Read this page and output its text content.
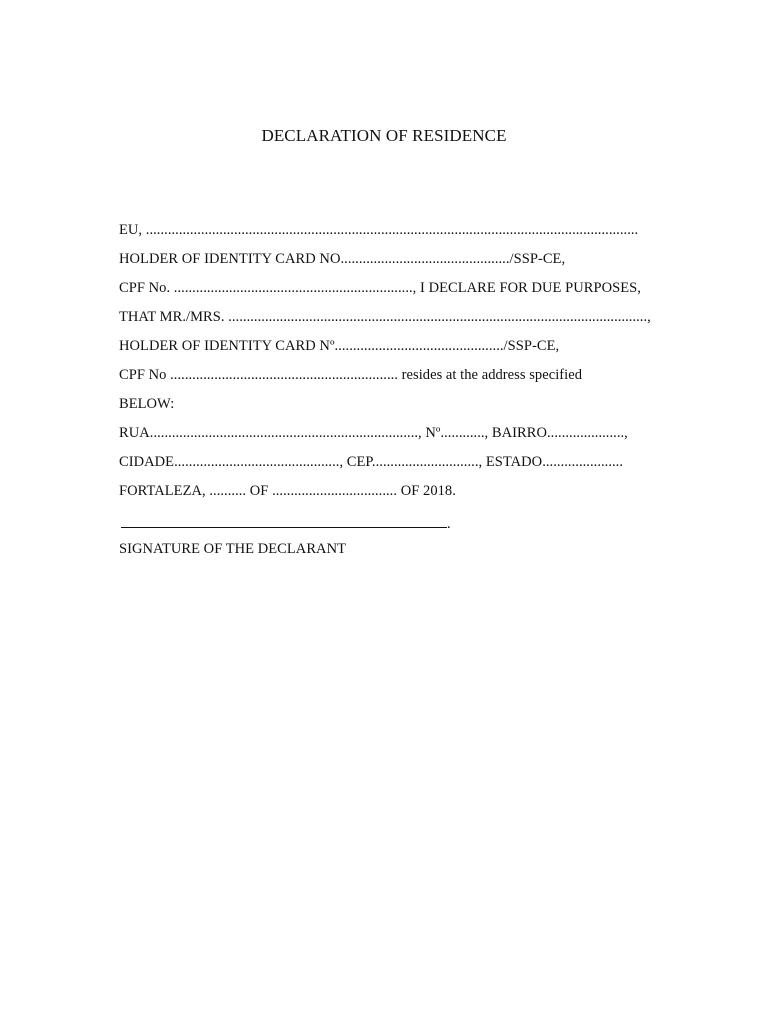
DECLARATION OF RESIDENCE
EU, ......................................................................................................................................
HOLDER OF IDENTITY CARD NO............................................../SSP-CE,
CPF No. ................................................................., I DECLARE FOR DUE PURPOSES,
THAT MR./MRS. ..................................................................................................................,
HOLDER OF IDENTITY CARD Nº............................................../SSP-CE,
CPF No .............................................................. resides at the address specified
BELOW:
RUA........................................................................., Nº............, BAIRRO.....................,
CIDADE............................................., CEP............................., ESTADO......................
FORTALEZA, .......... OF .................................. OF 2018.
.
SIGNATURE OF THE DECLARANT
